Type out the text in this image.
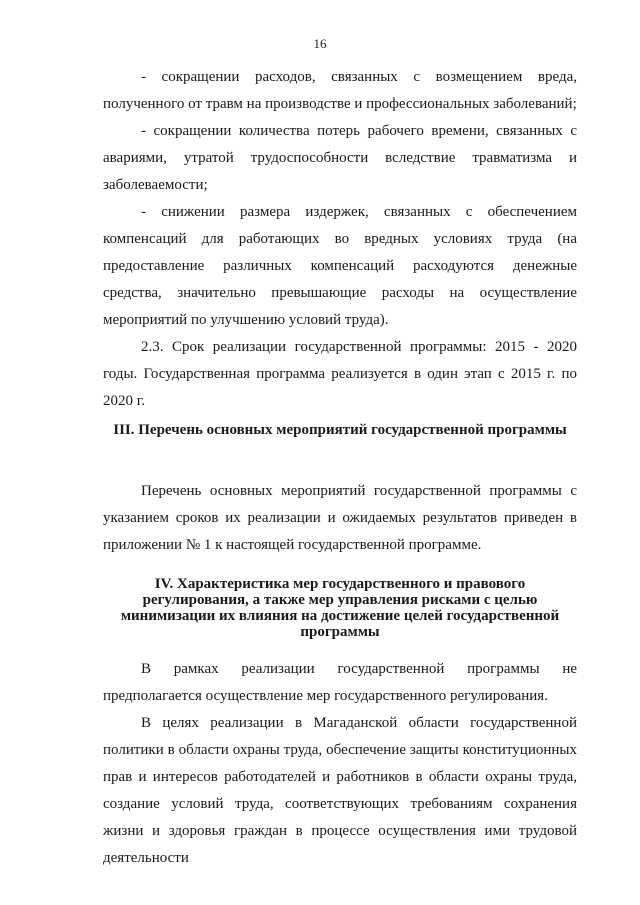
16

- сокращении расходов, связанных с возмещением вреда, полученного от травм на производстве и профессиональных заболеваний;

- сокращении количества потерь рабочего времени, связанных с авариями, утратой трудоспособности вследствие травматизма и заболеваемости;

- снижении размера издержек, связанных с обеспечением компенсаций для работающих во вредных условиях труда (на предоставление различных компенсаций расходуются денежные средства, значительно превышающие расходы на осуществление мероприятий по улучшению условий труда).

2.3. Срок реализации государственной программы: 2015 - 2020 годы. Государственная программа реализуется в один этап с 2015 г. по 2020 г.

III. Перечень основных мероприятий государственной программы

Перечень основных мероприятий государственной программы с указанием сроков их реализации и ожидаемых результатов приведен в приложении № 1 к настоящей государственной программе.

IV. Характеристика мер государственного и правового регулирования, а также мер управления рисками с целью минимизации их влияния на достижение целей государственной программы

В рамках реализации государственной программы не предполагается осуществление мер государственного регулирования.

В целях реализации в Магаданской области государственной политики в области охраны труда, обеспечение защиты конституционных прав и интересов работодателей и работников в области охраны труда, создание условий труда, соответствующих требованиям сохранения жизни и здоровья граждан в процессе осуществления ими трудовой деятельности
